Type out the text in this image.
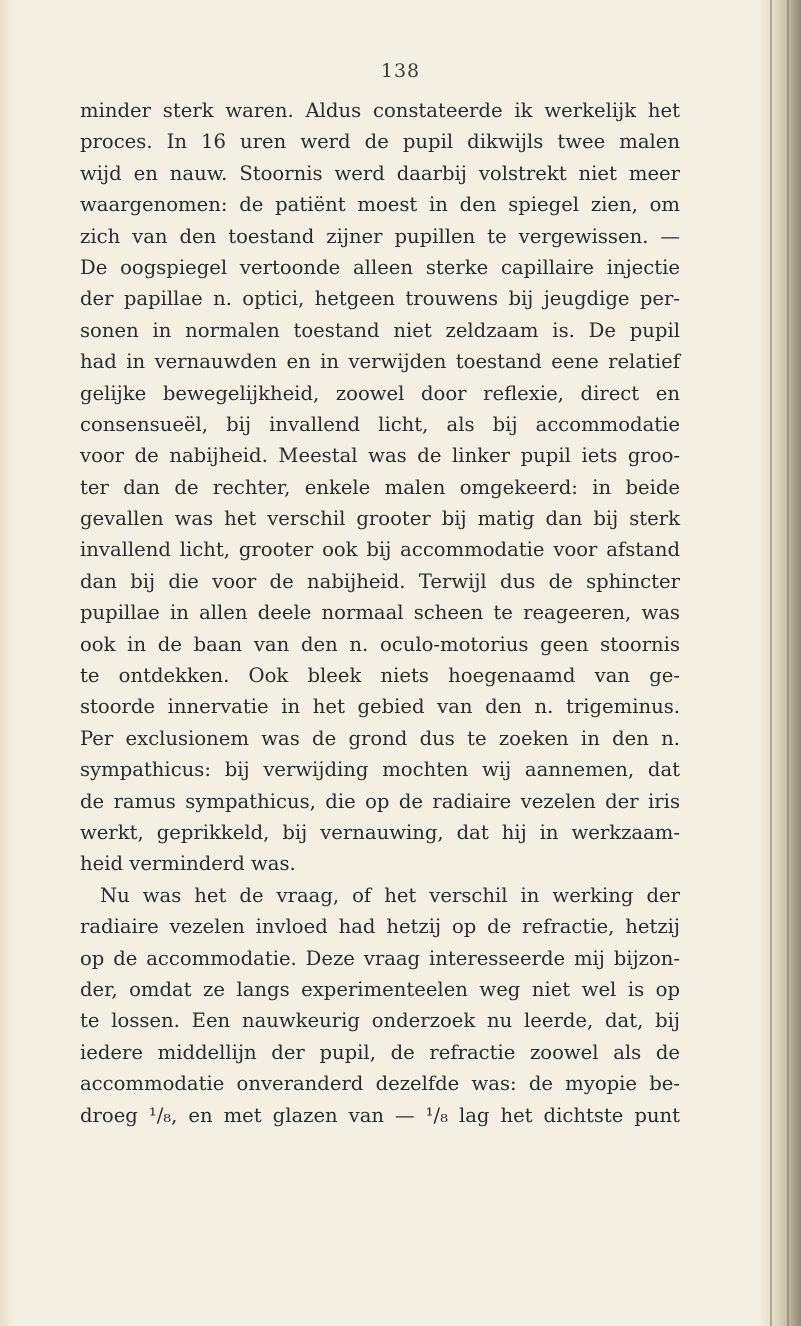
138
minder sterk waren. Aldus constateerde ik werkelijk het
proces. In 16 uren werd de pupil dikwijls twee malen
wijd en nauw. Stoornis werd daarbij volstrekt niet meer
waargenomen: de patiënt moest in den spiegel zien, om
zich van den toestand zijner pupillen te vergewissen. —
De oogspiegel vertoonde alleen sterke capillaire injectie
der papillae n. optici, hetgeen trouwens bij jeugdige per-
sonen in normalen toestand niet zeldzaam is. De pupil
had in vernauwden en in verwijden toestand eene relatief
gelijke bewegelijkheid, zoowel door reflexie, direct en
consensueël, bij invallend licht, als bij accommodatie
voor de nabijheid. Meestal was de linker pupil iets groo-
ter dan de rechter, enkele malen omgekeerd: in beide
gevallen was het verschil grooter bij matig dan bij sterk
invallend licht, grooter ook bij accommodatie voor afstand
dan bij die voor de nabijheid. Terwijl dus de sphincter
pupillae in allen deele normaal scheen te reageeren, was
ook in de baan van den n. oculo-motorius geen stoornis
te ontdekken. Ook bleek niets hoegenaamd van ge-
stoorde innervatie in het gebied van den n. trigeminus.
Per exclusionem was de grond dus te zoeken in den n.
sympathicus: bij verwijding mochten wij aannemen, dat
de ramus sympathicus, die op de radiaire vezelen der iris
werkt, geprikkeld, bij vernauwing, dat hij in werkzaam-
heid verminderd was.
Nu was het de vraag, of het verschil in werking der
radiaire vezelen invloed had hetzij op de refractie, hetzij
op de accommodatie. Deze vraag interesseerde mij bijzon-
der, omdat ze langs experimenteelen weg niet wel is op
te lossen. Een nauwkeurig onderzoek nu leerde, dat, bij
iedere middellijn der pupil, de refractie zoowel als de
accommodatie onveranderd dezelfde was: de myopie be-
droeg ¹/₈, en met glazen van — ¹/₈ lag het dichtste punt
